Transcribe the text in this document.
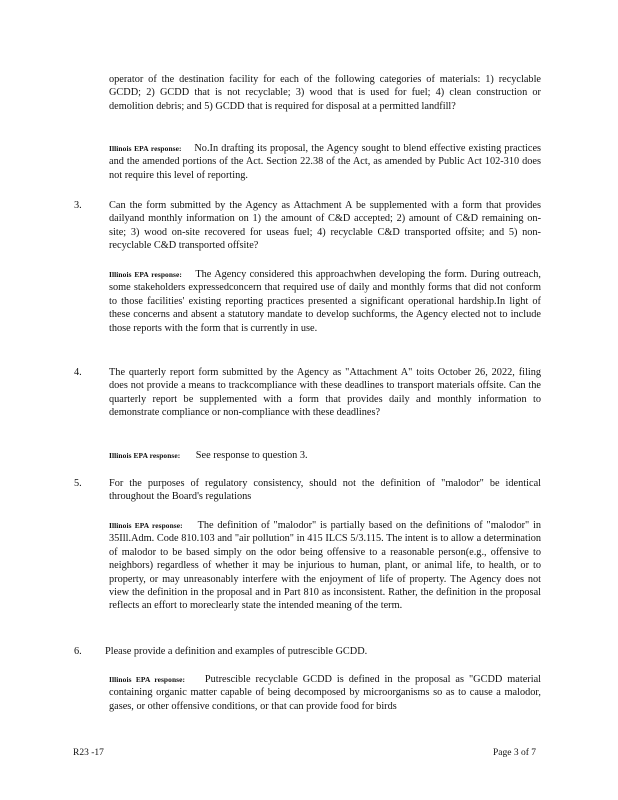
operator of the destination facility for each of the following categories of materials: 1) recyclable GCDD; 2) GCDD that is not recyclable; 3) wood that is used for fuel; 4) clean construction or demolition debris; and 5) GCDD that is required for disposal at a permitted landfill?

Illinois EPA response: No.In drafting its proposal, the Agency sought to blend effective existing practices and the amended portions of the Act. Section 22.38 of the Act, as amended by Public Act 102-310 does not require this level of reporting.

3.	Can the form submitted by the Agency as Attachment A be supplemented with a form that provides dailyand monthly information on 1) the amount of C&D accepted; 2) amount of C&D remaining on-site; 3) wood on-site recovered for useas fuel; 4) recyclable C&D transported offsite; and 5) non-recyclable C&D transported offsite?

Illinois EPA response: The Agency considered this approachwhen developing the form. During outreach, some stakeholders expressedconcern that required use of daily and monthly forms that did not conform to those facilities' existing reporting practices presented a significant operational hardship.In light of these concerns and absent a statutory mandate to develop suchforms, the Agency elected not to include those reports with the form that is currently in use.

4.	The quarterly report form submitted by the Agency as "Attachment A" toits October 26, 2022, filing does not provide a means to trackcompliance with these deadlines to transport materials offsite. Can the quarterly report be supplemented with a form that provides daily and monthly information to demonstrate compliance or non-compliance with these deadlines?

Illinois EPA response: See response to question 3.

5.	For the purposes of regulatory consistency, should not the definition of "malodor" be identical throughout the Board's regulations

Illinois EPA response: The definition of "malodor" is partially based on the definitions of "malodor" in 35Ill.Adm. Code 810.103 and "air pollution" in 415 ILCS 5/3.115. The intent is to allow a determination of malodor to be based simply on the odor being offensive to a reasonable person(e.g., offensive to neighbors) regardless of whether it may be injurious to human, plant, or animal life, to health, or to property, or may unreasonably interfere with the enjoyment of life of property. The Agency does not view the definition in the proposal and in Part 810 as inconsistent. Rather, the definition in the proposal reflects an effort to moreclearly state the intended meaning of the term.

6. Please provide a definition and examples of putrescible GCDD.

Illinois EPA response: Putrescible recyclable GCDD is defined in the proposal as "GCDD material containing organic matter capable of being decomposed by microorganisms so as to cause a malodor, gases, or other offensive conditions, or that can provide food for birds

R23 -17	Page 3 of 7
